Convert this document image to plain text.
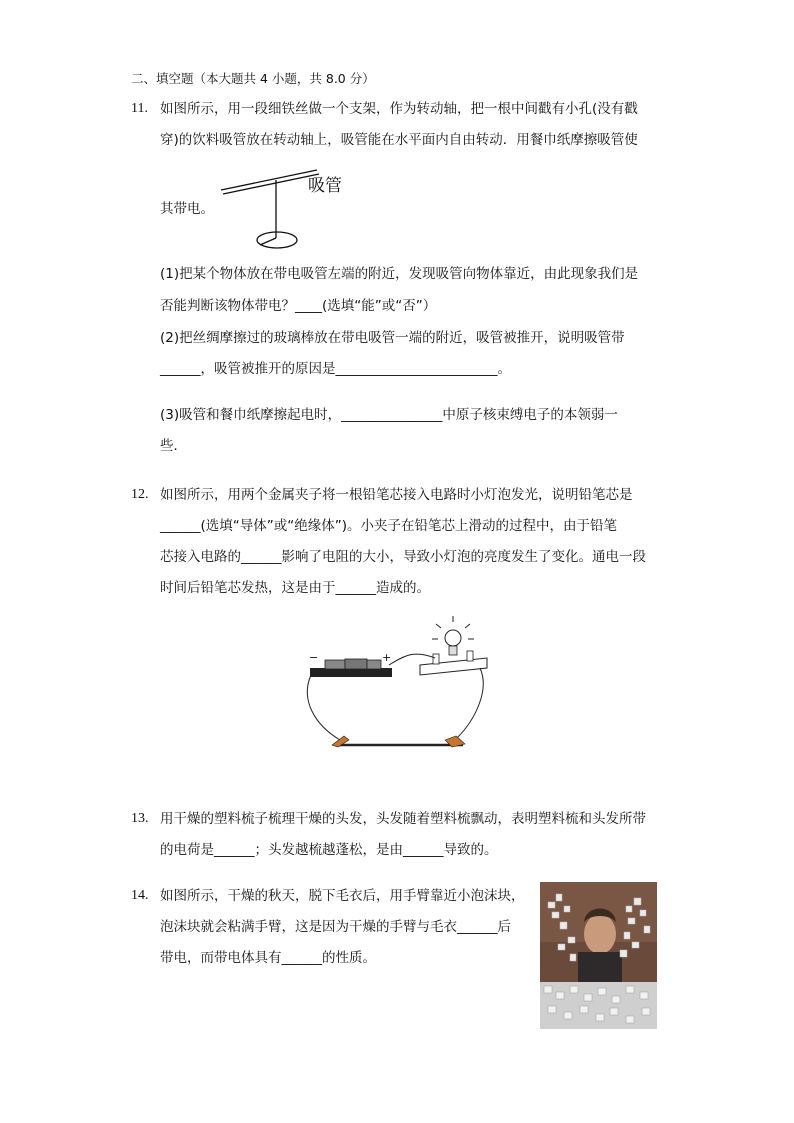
二、填空题（本大题共 4 小题，共 8.0 分）
11. 如图所示，用一段细铁丝做一个支架，作为转动轴，把一根中间戳有小孔(没有戳
穿)的饮料吸管放在转动轴上，吸管能在水平面内自由转动．用餐巾纸摩擦吸管使
吸管
其带电。
(1)把某个物体放在带电吸管左端的附近，发现吸管向物体靠近，由此现象我们是
否能判断该物体带电？____(选填“能”或“否”）
(2)把丝绸摩擦过的玻璃棒放在带电吸管一端的附近，吸管被推开，说明吸管带
______，吸管被推开的原因是________________________。
(3)吸管和餐巾纸摩擦起电时，_______________中原子核束缚电子的本领弱一
些．
12. 如图所示，用两个金属夹子将一根铅笔芯接入电路时小灯泡发光，说明铅笔芯是
______(选填“导体”或“绝缘体”)。小夹子在铅笔芯上滑动的过程中，由于铅笔
芯接入电路的______影响了电阻的大小，导致小灯泡的亮度发生了变化。通电一段
时间后铅笔芯发热，这是由于______造成的。
−	+
13. 用干燥的塑料梳子梳理干燥的头发，头发随着塑料梳飘动，表明塑料梳和头发所带
的电荷是______；头发越梳越蓬松，是由______导致的。
14. 如图所示，干燥的秋天，脱下毛衣后，用手臂靠近小泡沫块，
泡沫块就会粘满手臂，这是因为干燥的手臂与毛衣______后
带电，而带电体具有______的性质。
